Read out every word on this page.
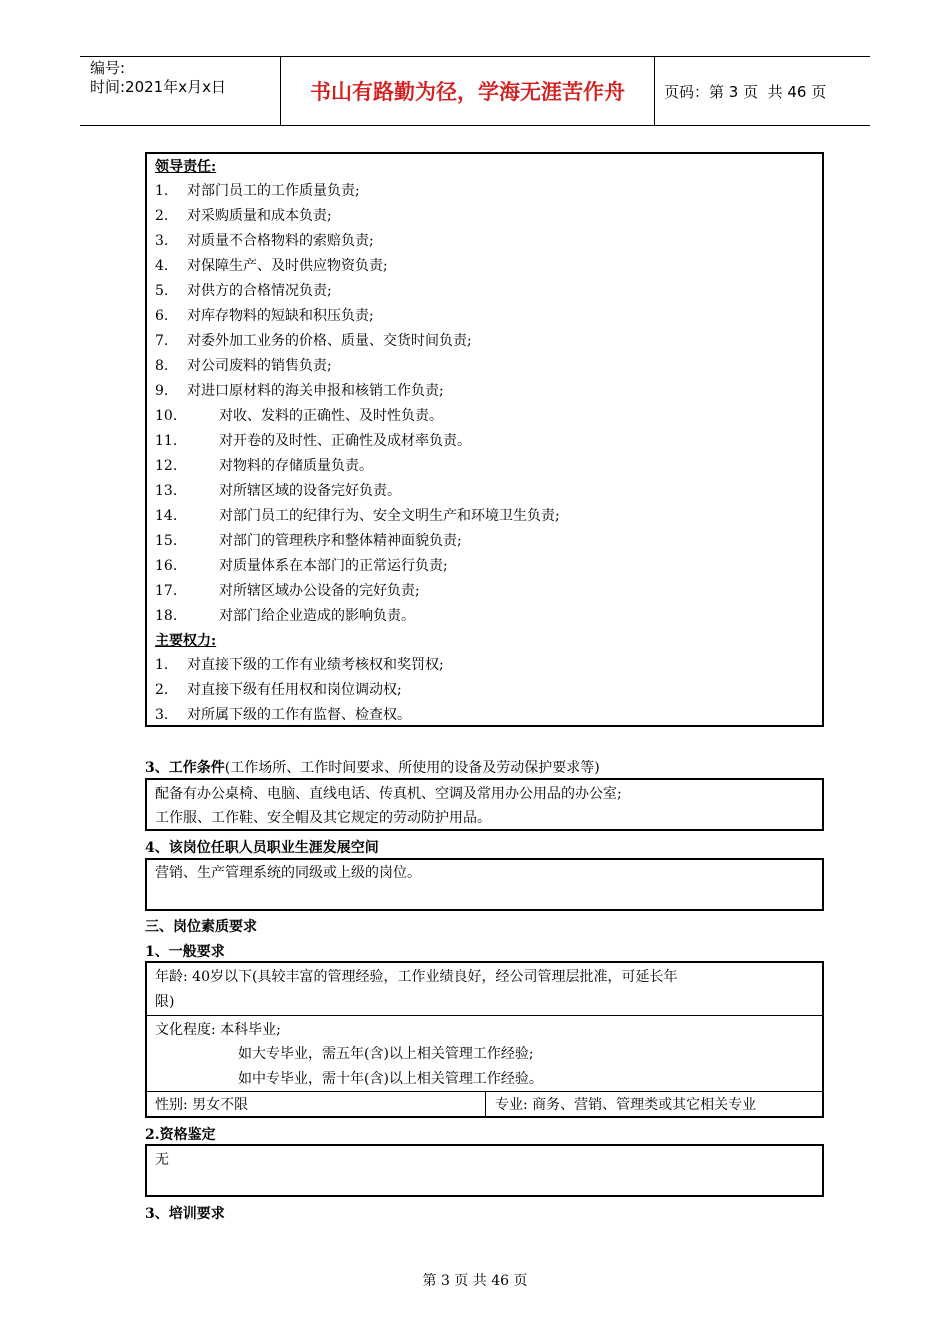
编号:
时间:2021年x月x日	书山有路勤为径，学海无涯苦作舟	页码：第 3 页  共 46 页
领导责任:
1. 对部门员工的工作质量负责;
2. 对采购质量和成本负责;
3. 对质量不合格物料的索赔负责;
4. 对保障生产、及时供应物资负责;
5. 对供方的合格情况负责;
6. 对库存物料的短缺和积压负责;
7. 对委外加工业务的价格、质量、交货时间负责;
8. 对公司废料的销售负责;
9. 对进口原材料的海关申报和核销工作负责;
10.	对收、发料的正确性、及时性负责。
11.	对开卷的及时性、正确性及成材率负责。
12.	对物料的存储质量负责。
13.	对所辖区域的设备完好负责。
14.	对部门员工的纪律行为、安全文明生产和环境卫生负责;
15.	对部门的管理秩序和整体精神面貌负责;
16.	对质量体系在本部门的正常运行负责;
17.	对所辖区域办公设备的完好负责;
18.	对部门给企业造成的影响负责。
主要权力:
1. 对直接下级的工作有业绩考核权和奖罚权;
2. 对直接下级有任用权和岗位调动权;
3. 对所属下级的工作有监督、检查权。
3、工作条件(工作场所、工作时间要求、所使用的设备及劳动保护要求等)
配备有办公桌椅、电脑、直线电话、传真机、空调及常用办公用品的办公室;
工作服、工作鞋、安全帽及其它规定的劳动防护用品。
4、该岗位任职人员职业生涯发展空间
营销、生产管理系统的同级或上级的岗位。
三、岗位素质要求
1、一般要求
年龄: 40岁以下(具较丰富的管理经验，工作业绩良好，经公司管理层批准，可延长年
限)
文化程度: 本科毕业;
如大专毕业，需五年(含)以上相关管理工作经验;
如中专毕业，需十年(含)以上相关管理工作经验。
性别: 男女不限	专业: 商务、营销、管理类或其它相关专业
2.资格鉴定
无
3、培训要求
第 3 页 共 46 页
